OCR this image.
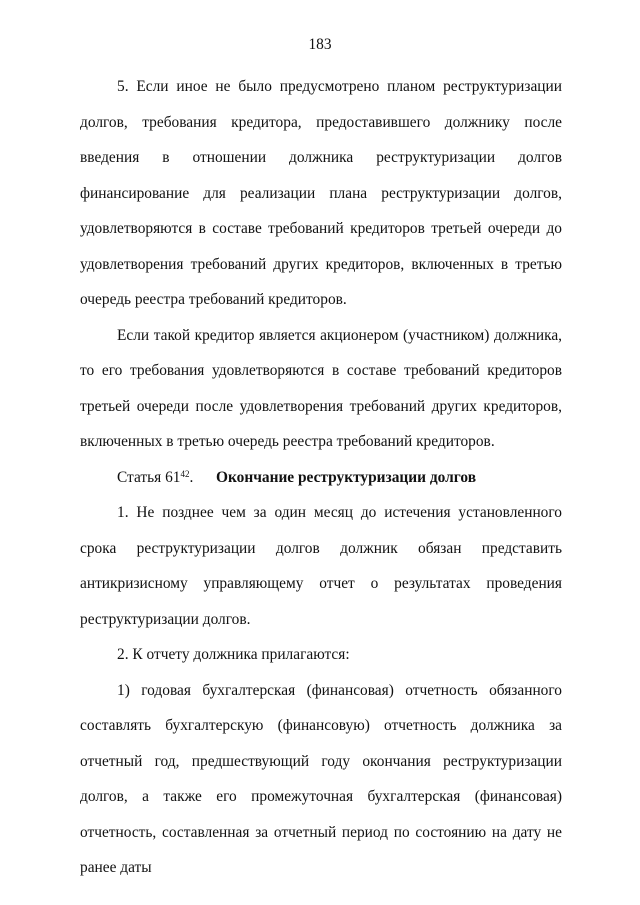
183

5. Если иное не было предусмотрено планом реструктуризации долгов, требования кредитора, предоставившего должнику после введения в отношении должника реструктуризации долгов финансирование для реализации плана реструктуризации долгов, удовлетворяются в составе требований кредиторов третьей очереди до удовлетворения требований других кредиторов, включенных в третью очередь реестра требований кредиторов.

Если такой кредитор является акционером (участником) должника, то его требования удовлетворяются в составе требований кредиторов третьей очереди после удовлетворения требований других кредиторов, включенных в третью очередь реестра требований кредиторов.

Статья $61^{42}$. Окончание реструктуризации долгов

1. Не позднее чем за один месяц до истечения установленного срока реструктуризации долгов должник обязан представить антикризисному управляющему отчет о результатах проведения реструктуризации долгов.

2. К отчету должника прилагаются:

1) годовая бухгалтерская (финансовая) отчетность обязанного составлять бухгалтерскую (финансовую) отчетность должника за отчетный год, предшествующий году окончания реструктуризации долгов, а также его промежуточная бухгалтерская (финансовая) отчетность, составленная за отчетный период по состоянию на дату не ранее даты
